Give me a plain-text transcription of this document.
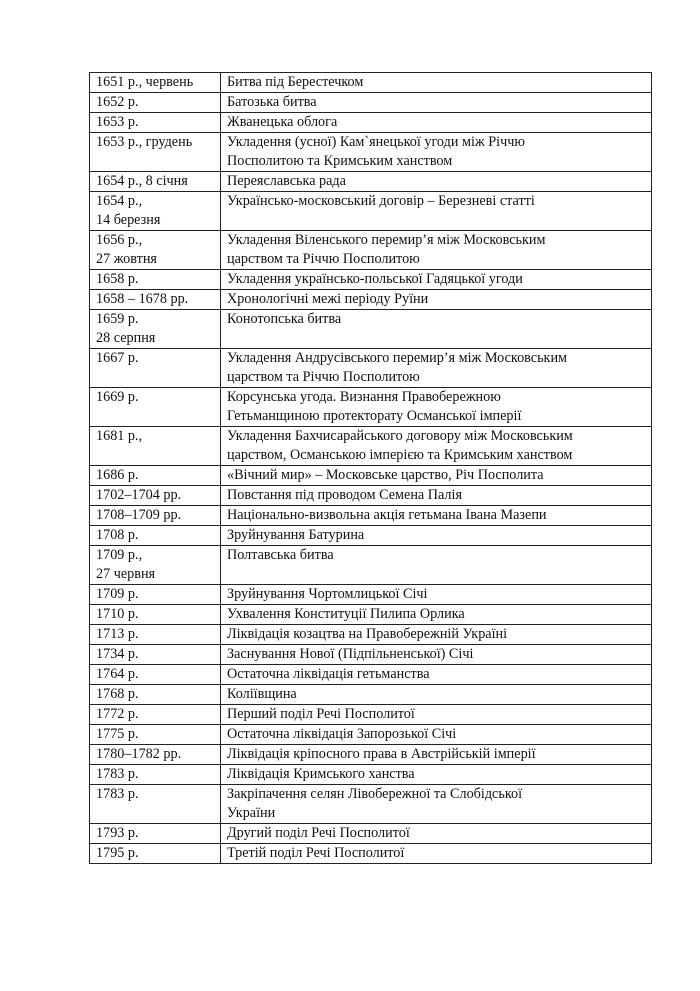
1651 р., червень	Битва під Берестечком
1652 р.	Батозька битва
1653 р.	Жванецька облога
1653 р., грудень	Укладення (усної) Кам`янецької угоди між Річчю
Посполитою та Кримським ханством
1654 р., 8 січня	Переяславська рада
1654 р.,
14 березня	Українсько-московський договір – Березневі статті
1656 р.,
27 жовтня	Укладення Віленського перемир’я між Московським
царством та Річчю Посполитою
1658 р.	Укладення українсько-польської Гадяцької угоди
1658 – 1678 рр.	Хронологічні межі періоду Руїни
1659 р.
28 серпня	Конотопська битва
1667 р.	Укладення Андрусівського перемир’я між Московським
царством та Річчю Посполитою
1669 р.	Корсунська угода. Визнання Правобережною
Гетьманщиною протекторату Османської імперії
1681 р.,	Укладення Бахчисарайського договору між Московським
царством, Османською імперією та Кримським ханством
1686 р.	«Вічний мир» – Московське царство, Річ Посполита
1702–1704 рр.	Повстання під проводом Семена Палія
1708–1709 рр.	Національно-визвольна акція гетьмана Івана Мазепи
1708 р.	Зруйнування Батурина
1709 р.,
27 червня	Полтавська битва
1709 р.	Зруйнування Чортомлицької Січі
1710 р.	Ухвалення Конституції Пилипа Орлика
1713 р.	Ліквідація козацтва на Правобережній Україні
1734 р.	Заснування Нової (Підпільненської) Січі
1764 р.	Остаточна ліквідація гетьманства
1768 р.	Коліївщина
1772 р.	Перший поділ Речі Посполитої
1775 р.	Остаточна ліквідація Запорозької Січі
1780–1782 рр.	Ліквідація кріпосного права в Австрійській імперії
1783 р.	Ліквідація Кримського ханства
1783 р.	Закріпачення селян Лівобережної та Слобідської
України
1793 р.	Другий поділ Речі Посполитої
1795 р.	Третій поділ Речі Посполитої
